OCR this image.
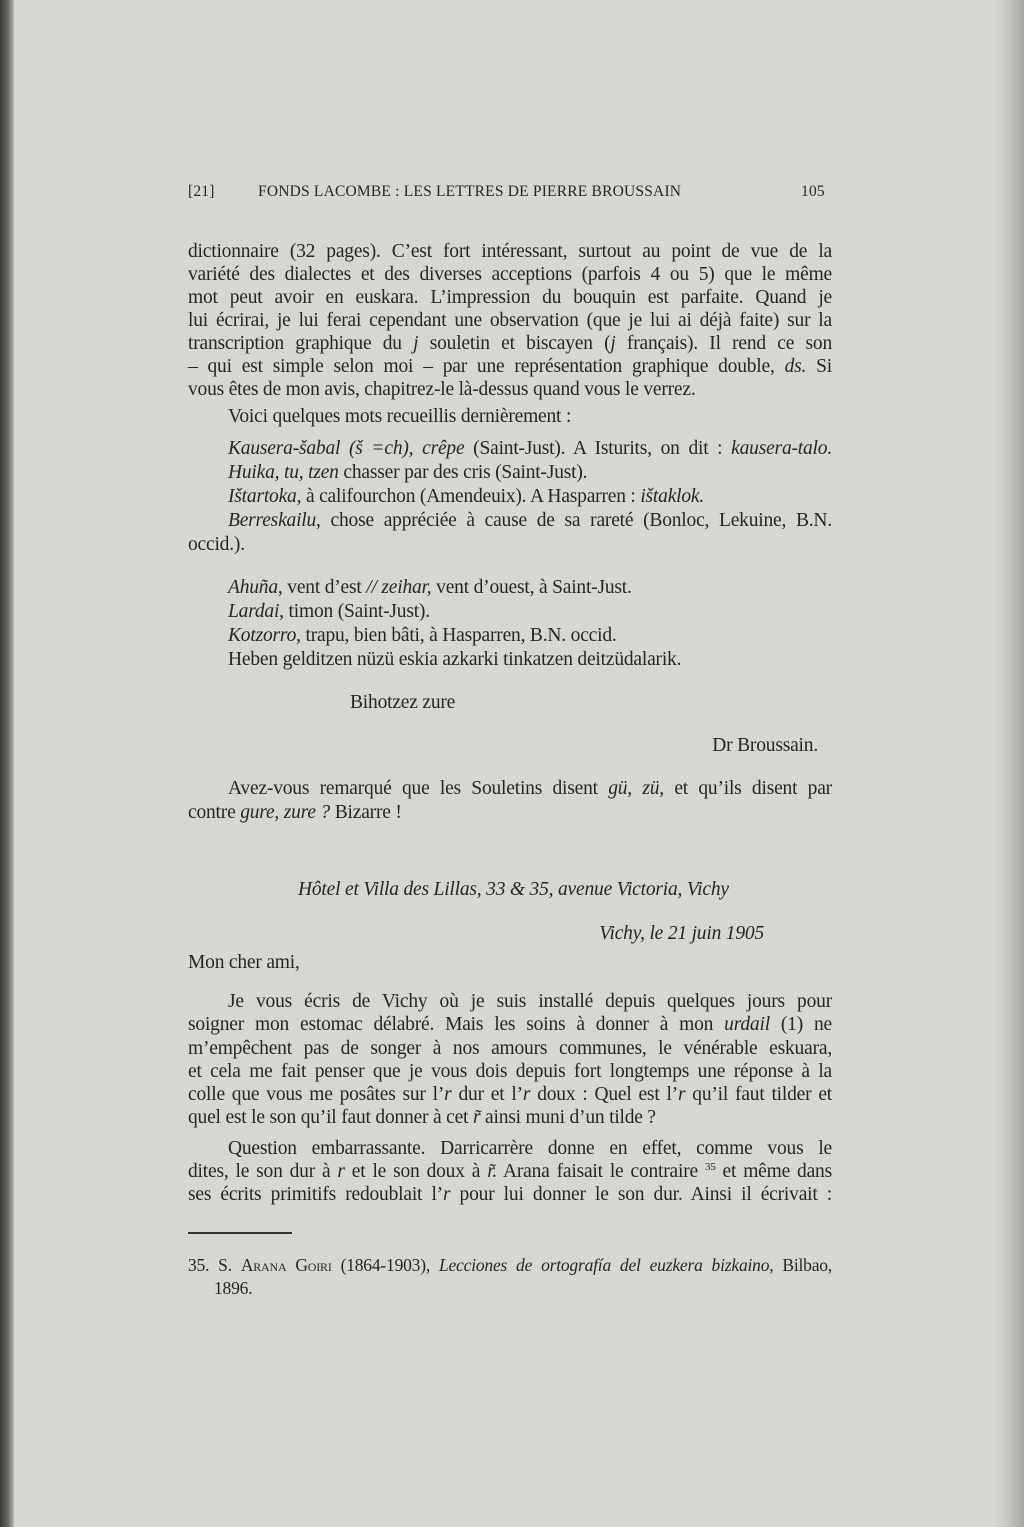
[21]	FONDS LACOMBE : LES LETTRES DE PIERRE BROUSSAIN	105
dictionnaire (32 pages). C’est fort intéressant, surtout au point de vue de la
variété des dialectes et des diverses acceptions (parfois 4 ou 5) que le même
mot peut avoir en euskara. L’impression du bouquin est parfaite. Quand je
lui écrirai, je lui ferai cependant une observation (que je lui ai déjà faite) sur la
transcription graphique du j souletin et biscayen (j français). Il rend ce son
– qui est simple selon moi – par une représentation graphique double, ds. Si
vous êtes de mon avis, chapitrez-le là-dessus quand vous le verrez.
Voici quelques mots recueillis dernièrement :
Kausera-šabal (š =ch), crêpe (Saint-Just). A Isturits, on dit : kausera-talo.
Huika, tu, tzen chasser par des cris (Saint-Just).
Ištartoka, à califourchon (Amendeuix). A Hasparren : ištaklok.
Berreskailu, chose appréciée à cause de sa rareté (Bonloc, Lekuine, B.N.
occid.).
Ahuña, vent d’est // zeihar, vent d’ouest, à Saint-Just.
Lardai, timon (Saint-Just).
Kotzorro, trapu, bien bâti, à Hasparren, B.N. occid.
Heben gelditzen nüzü eskia azkarki tinkatzen deitzüdalarik.
Bihotzez zure
Dr Broussain.
Avez-vous remarqué que les Souletins disent gü, zü, et qu’ils disent par
contre gure, zure ? Bizarre !
Hôtel et Villa des Lillas, 33 & 35, avenue Victoria, Vichy
Vichy, le 21 juin 1905
Mon cher ami,
Je vous écris de Vichy où je suis installé depuis quelques jours pour
soigner mon estomac délabré. Mais les soins à donner à mon urdail (1) ne
m’empêchent pas de songer à nos amours communes, le vénérable eskuara,
et cela me fait penser que je vous dois depuis fort longtemps une réponse à la
colle que vous me posâtes sur l’r dur et l’r doux : Quel est l’r qu’il faut tilder et
quel est le son qu’il faut donner à cet r̃ ainsi muni d’un tilde ?
Question embarrassante. Darricarrère donne en effet, comme vous le
dites, le son dur à r et le son doux à r̃. Arana faisait le contraire $^{35}$ et même dans
ses écrits primitifs redoublait l’r pour lui donner le son dur. Ainsi il écrivait :
35. S. Arana Goiri (1864-1903), Lecciones de ortografía del euzkera bizkaino, Bilbao,
1896.
